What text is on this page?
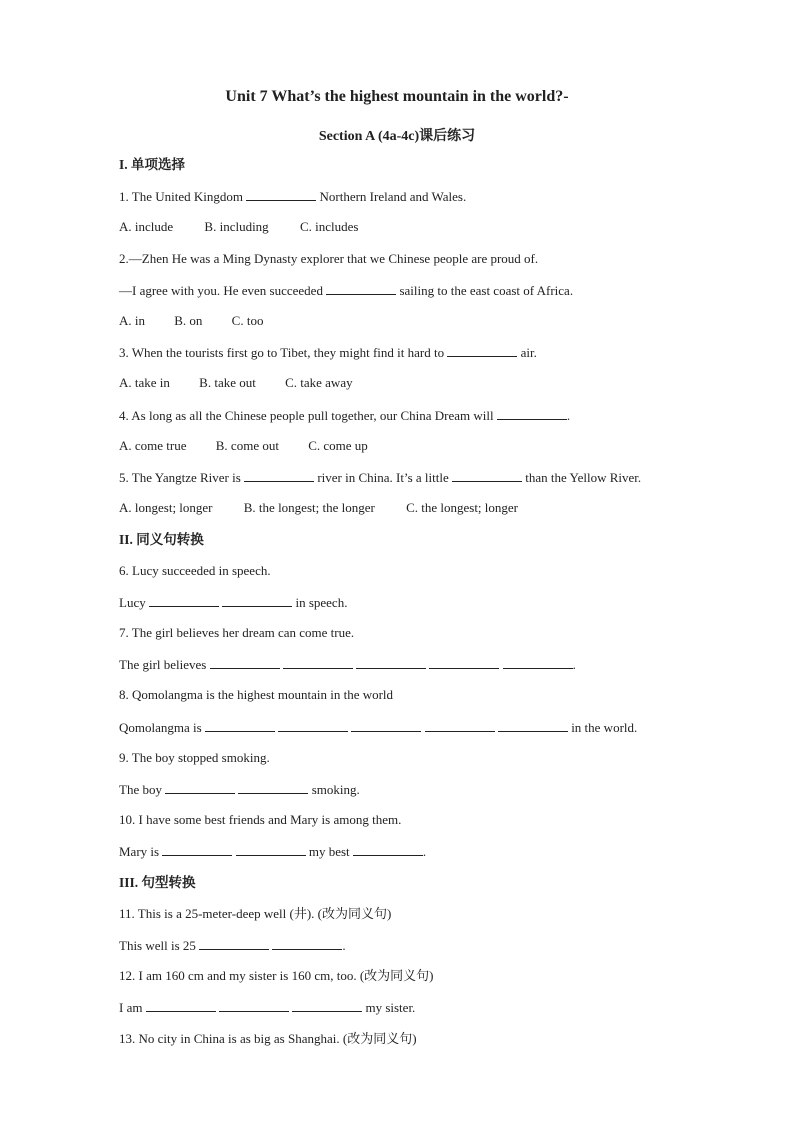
Unit 7 What’s the highest mountain in the world?-
Section A (4a-4c)课后练习
I. 单项选择
1. The United Kingdom	Northern Ireland and Wales.
A. include B. including C. includes
2.—Zhen He was a Ming Dynasty explorer that we Chinese people are proud of.
—I agree with you. He even succeeded	sailing to the east coast of Africa.
A. in B. on C. too
3. When the tourists first go to Tibet, they might find it hard to	air.
A. take in B. take out C. take away
4. As long as all the Chinese people pull together, our China Dream will	.
A. come true B. come out C. come up
5. The Yangtze River is	river in China. It’s a little	than the Yellow River.
A. longest; longer B. the longest; the longer C. the longest; longer
II. 同义句转换
6. Lucy succeeded in speech.
Lucy	in speech.
7. The girl believes her dream can come true.
The girl believes	.
8. Qomolangma is the highest mountain in the world
Qomolangma is	in the world.
9. The boy stopped smoking.
The boy	smoking.
10. I have some best friends and Mary is among them.
Mary is	my best	.
III. 句型转换
11. This is a 25-meter-deep well (井). (改为同义句)
This well is 25	.
12. I am 160 cm and my sister is 160 cm, too. (改为同义句)
I am	my sister.
13. No city in China is as big as Shanghai. (改为同义句)
